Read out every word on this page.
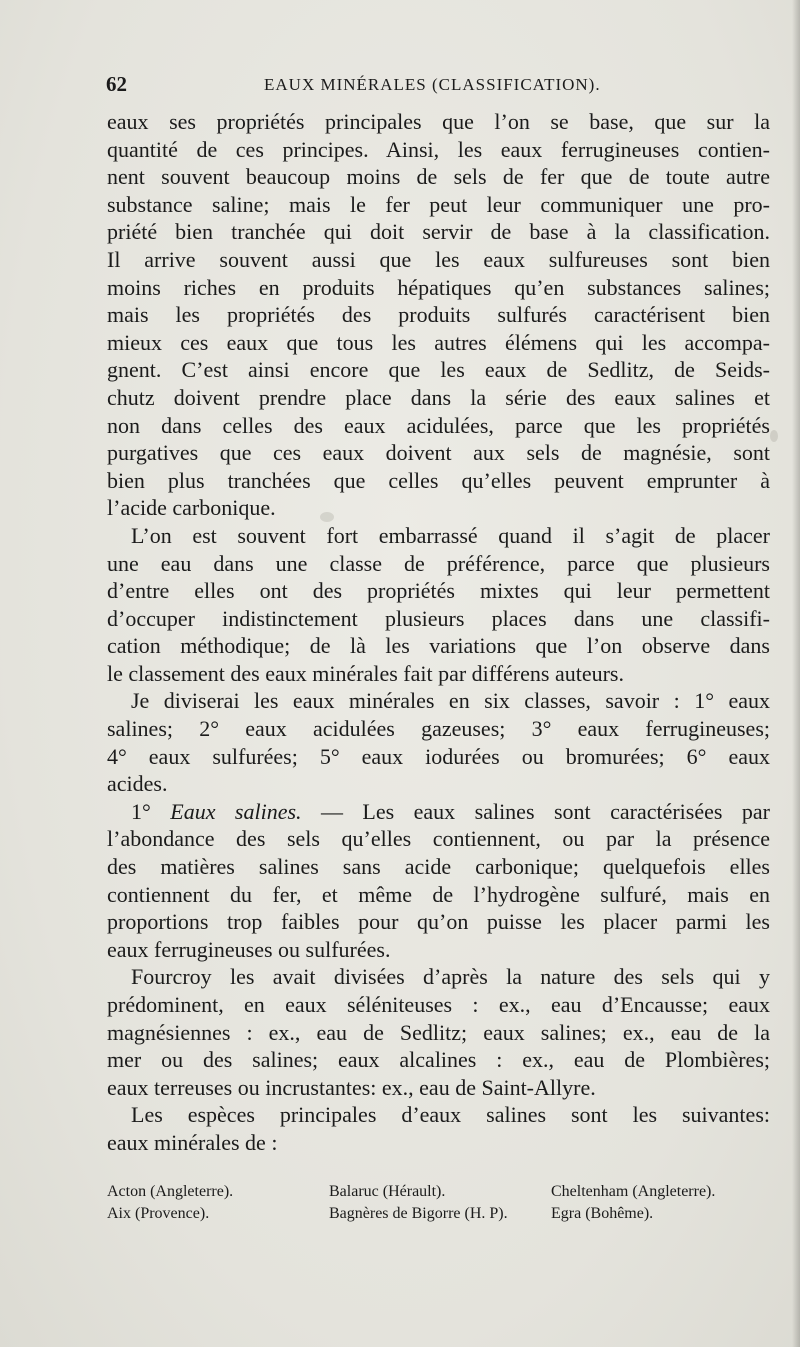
62	EAUX MINÉRALES (CLASSIFICATION).
eaux ses propriétés principales que l’on se base, que sur la
quantité de ces principes. Ainsi, les eaux ferrugineuses contien-
nent souvent beaucoup moins de sels de fer que de toute autre
substance saline; mais le fer peut leur communiquer une pro-
priété bien tranchée qui doit servir de base à la classification.
Il arrive souvent aussi que les eaux sulfureuses sont bien
moins riches en produits hépatiques qu’en substances salines;
mais les propriétés des produits sulfurés caractérisent bien
mieux ces eaux que tous les autres élémens qui les accompa-
gnent. C’est ainsi encore que les eaux de Sedlitz, de Seids-
chutz doivent prendre place dans la série des eaux salines et
non dans celles des eaux acidulées, parce que les propriétés
purgatives que ces eaux doivent aux sels de magnésie, sont
bien plus tranchées que celles qu’elles peuvent emprunter à
l’acide carbonique.
L’on est souvent fort embarrassé quand il s’agit de placer
une eau dans une classe de préférence, parce que plusieurs
d’entre elles ont des propriétés mixtes qui leur permettent
d’occuper indistinctement plusieurs places dans une classifi-
cation méthodique; de là les variations que l’on observe dans
le classement des eaux minérales fait par différens auteurs.
Je diviserai les eaux minérales en six classes, savoir : 1° eaux
salines; 2° eaux acidulées gazeuses; 3° eaux ferrugineuses;
4° eaux sulfurées; 5° eaux iodurées ou bromurées; 6° eaux
acides.
1° Eaux salines. — Les eaux salines sont caractérisées par
l’abondance des sels qu’elles contiennent, ou par la présence
des matières salines sans acide carbonique; quelquefois elles
contiennent du fer, et même de l’hydrogène sulfuré, mais en
proportions trop faibles pour qu’on puisse les placer parmi les
eaux ferrugineuses ou sulfurées.
Fourcroy les avait divisées d’après la nature des sels qui y
prédominent, en eaux séléniteuses : ex., eau d’Encausse; eaux
magnésiennes : ex., eau de Sedlitz; eaux salines; ex., eau de la
mer ou des salines; eaux alcalines : ex., eau de Plombières;
eaux terreuses ou incrustantes: ex., eau de Saint-Allyre.
Les espèces principales d’eaux salines sont les suivantes:
eaux minérales de :
Acton (Angleterre).	Balaruc (Hérault).	Cheltenham (Angleterre).
Aix (Provence).	Bagnères de Bigorre (H. P).	Egra (Bohême).
